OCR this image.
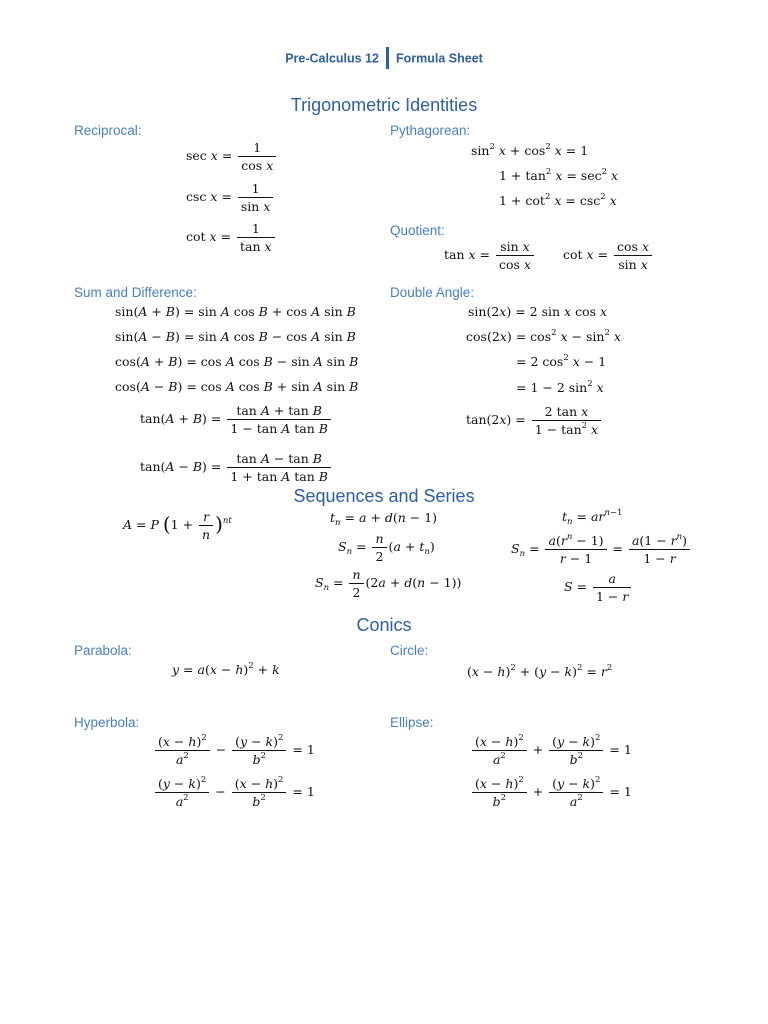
Pre-Calculus 12 Formula Sheet
Trigonometric Identities
Sequences and Series
Conics
Reciprocal:	Pythagorean:
Quotient:
Sum and Difference:	Double Angle:
Parabola:	Circle:
Hyperbola:	Ellipse:
$\sec x = \frac{1}{\text{cos x}}$
$\csc x = \frac{1}{\text{sin x}}$
$\cot x = \frac{1}{\text{tan x}}$
$\sin^2 x + \cos^2 x = 1$
$1 + \tan^2 x = \sec^2 x$
$1 + \cot^2 x = \csc^2 x$
$\tan x = \frac{\text{sin x}}{\text{cos x}}$ $\cot x = \frac{\text{cos x}}{\text{sin x}}$
sin(A + B) = sin A cos B + cos A sin B
sin(A − B) = sin A cos B − cos A sin B
cos(A + B) = cos A cos B − sin A sin B
cos(A − B) = cos A cos B + sin A sin B
$\tan(A + B) = \frac{\text{tan A + tan B}}{\text{1 − tan A tan B}}$
$\tan(A - B) = \frac{\text{tan A − tan B}}{\text{1 + tan A tan B}}$
sin(2x) = 2 sin x cos x
$\cos(2x) = \cos^2 x - \sin^2 x$
= 2 $\cos^2 x - 1$
= 1 − 2 $\sin^2 x$
$\tan(2x) = \frac{\text{2 tan x}}{1 - \tan^2 x}$
A = P $(1 + \frac{r}{n} )^{nt}$	$t_n = a + d(n - 1)$
$S_n = \frac{n}{2} (a + t_n)$
$S_n = \frac{n}{2} (2a + d(n - 1))$
$t_n = ar^{n-1}$
$S_n = \frac{a(r^n - 1)}{r - 1} = \frac{a(1 - r^n)}{1 - r}$
$S = \frac{a}{1 - r}$
$y = a(x - h)^2 + k$	$(x - h)^2 + (y - k)^2 = r^2$
$\frac{(x - h)^2}{a^2} - \frac{(y - k)^2}{b^2} = 1$
$\frac{(y - k)^2}{a^2} - \frac{(x - h)^2}{b^2} = 1$
$\frac{(x - h)^2}{a^2} + \frac{(y - k)^2}{b^2} = 1$
$\frac{(x - h)^2}{b^2} + \frac{(y - k)^2}{a^2} = 1$
